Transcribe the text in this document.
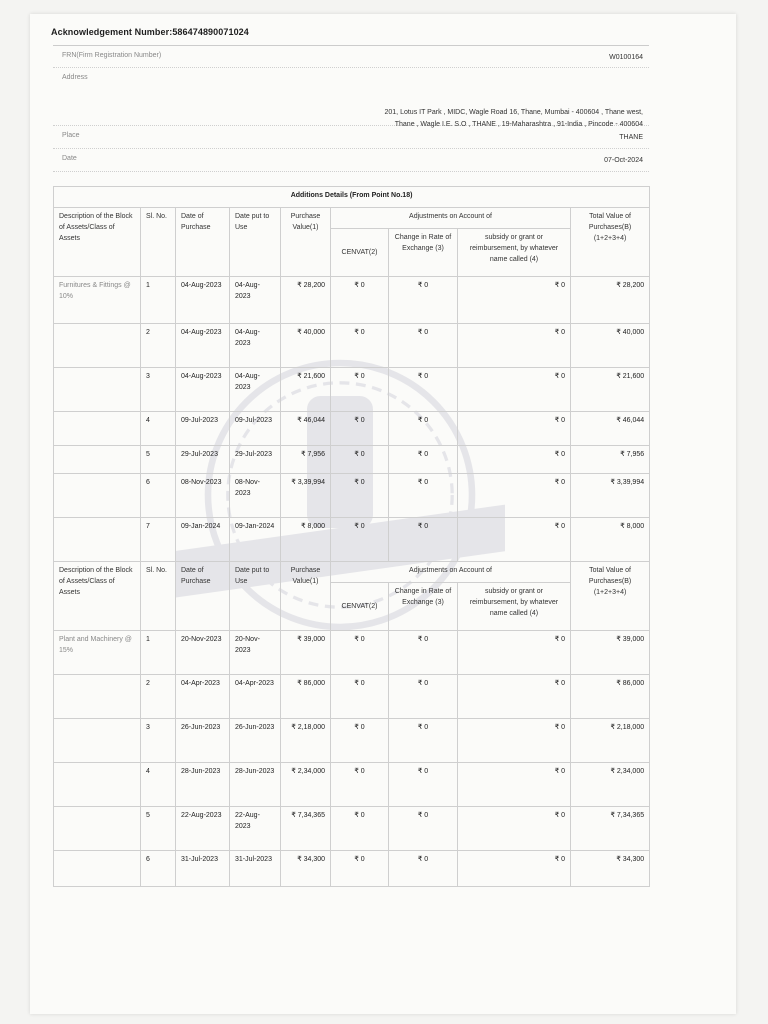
Acknowledgement Number:586474890071024
FRN(Firm Registration Number)	W0100164
Address
201, Lotus IT Park , MIDC, Wagle Road 16, Thane, Mumbai - 400604 , Thane west, Thane , Wagle I.E. S.O , THANE , 19-Maharashtra , 91-India , Pincode - 400604
Place	THANE
Date	07-Oct-2024
Additions Details (From Point No.18)								
Description of the Block of Assets/Class of Assets	Sl. No.	Date of Purchase	Date put to Use	Purchase Value(1)	Adjustments on Account of			Total Value of Purchases(B) (1+2+3+4)
					CENVAT(2)	Change in Rate of Exchange (3)	subsidy or grant or reimbursement, by whatever name called (4)	
Furnitures & Fittings @ 10%	1	04-Aug-2023	04-Aug-2023	₹ 28,200	₹ 0	₹ 0	₹ 0	₹ 28,200
	2	04-Aug-2023	04-Aug-2023	₹ 40,000	₹ 0	₹ 0	₹ 0	₹ 40,000
	3	04-Aug-2023	04-Aug-2023	₹ 21,600	₹ 0	₹ 0	₹ 0	₹ 21,600
	4	09-Jul-2023	09-Jul-2023	₹ 46,044	₹ 0	₹ 0	₹ 0	₹ 46,044
	5	29-Jul-2023	29-Jul-2023	₹ 7,956	₹ 0	₹ 0	₹ 0	₹ 7,956
	6	08-Nov-2023	08-Nov-2023	₹ 3,39,994	₹ 0	₹ 0	₹ 0	₹ 3,39,994
	7	09-Jan-2024	09-Jan-2024	₹ 8,000	₹ 0	₹ 0	₹ 0	₹ 8,000
Description of the Block of Assets/Class of Assets	Sl. No.	Date of Purchase	Date put to Use	Purchase Value(1)	Adjustments on Account of			Total Value of Purchases(B) (1+2+3+4)
					CENVAT(2)	Change in Rate of Exchange (3)	subsidy or grant or reimbursement, by whatever name called (4)	
Plant and Machinery @ 15%	1	20-Nov-2023	20-Nov-2023	₹ 39,000	₹ 0	₹ 0	₹ 0	₹ 39,000
	2	04-Apr-2023	04-Apr-2023	₹ 86,000	₹ 0	₹ 0	₹ 0	₹ 86,000
	3	26-Jun-2023	26-Jun-2023	₹ 2,18,000	₹ 0	₹ 0	₹ 0	₹ 2,18,000
	4	28-Jun-2023	28-Jun-2023	₹ 2,34,000	₹ 0	₹ 0	₹ 0	₹ 2,34,000
	5	22-Aug-2023	22-Aug-2023	₹ 7,34,365	₹ 0	₹ 0	₹ 0	₹ 7,34,365
	6	31-Jul-2023	31-Jul-2023	₹ 34,300	₹ 0	₹ 0	₹ 0	₹ 34,300
